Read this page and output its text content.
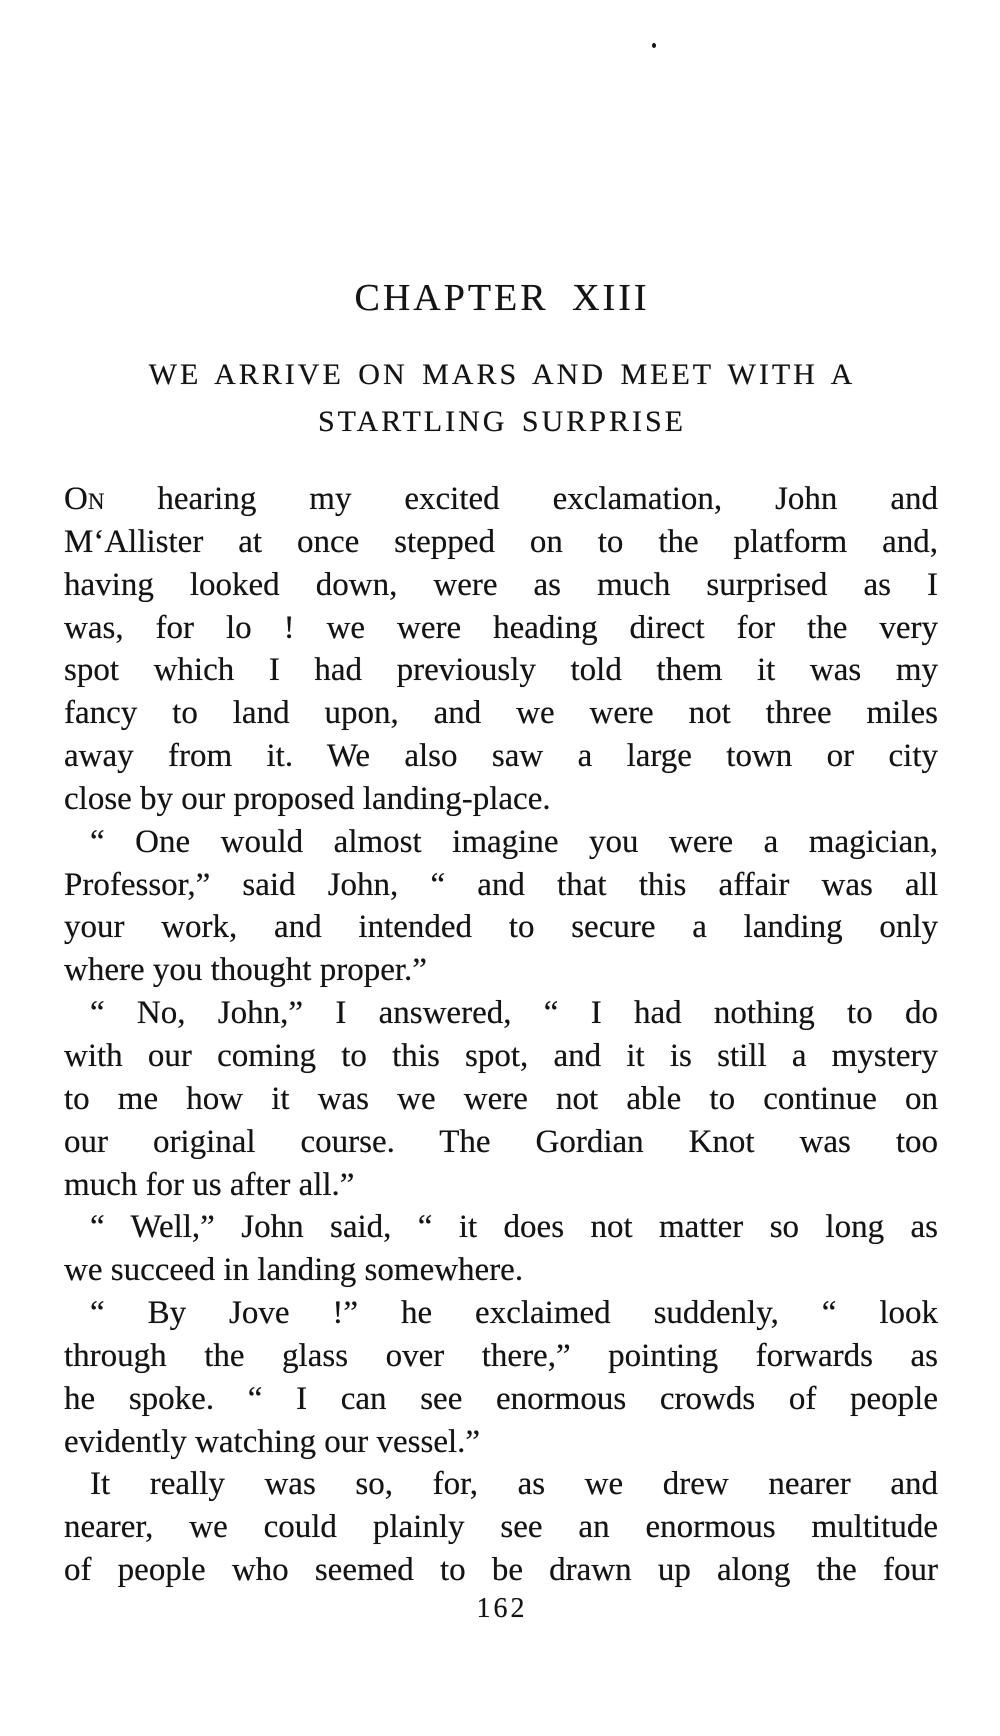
CHAPTER XIII
WE ARRIVE ON MARS AND MEET WITH A
STARTLING SURPRISE
On hearing my excited exclamation, John and
M‘Allister at once stepped on to the platform and,
having looked down, were as much surprised as I
was, for lo ! we were heading direct for the very
spot which I had previously told them it was my
fancy to land upon, and we were not three miles
away from it. We also saw a large town or city
close by our proposed landing-place.
“ One would almost imagine you were a magician,
Professor,” said John, “ and that this affair was all
your work, and intended to secure a landing only
where you thought proper.”
“ No, John,” I answered, “ I had nothing to do
with our coming to this spot, and it is still a mystery
to me how it was we were not able to continue on
our original course. The Gordian Knot was too
much for us after all.”
“ Well,” John said, “ it does not matter so long as
we succeed in landing somewhere.
“ By Jove !” he exclaimed suddenly, “ look
through the glass over there,” pointing forwards as
he spoke. “ I can see enormous crowds of people
evidently watching our vessel.”
It really was so, for, as we drew nearer and
nearer, we could plainly see an enormous multitude
of people who seemed to be drawn up along the four
162
